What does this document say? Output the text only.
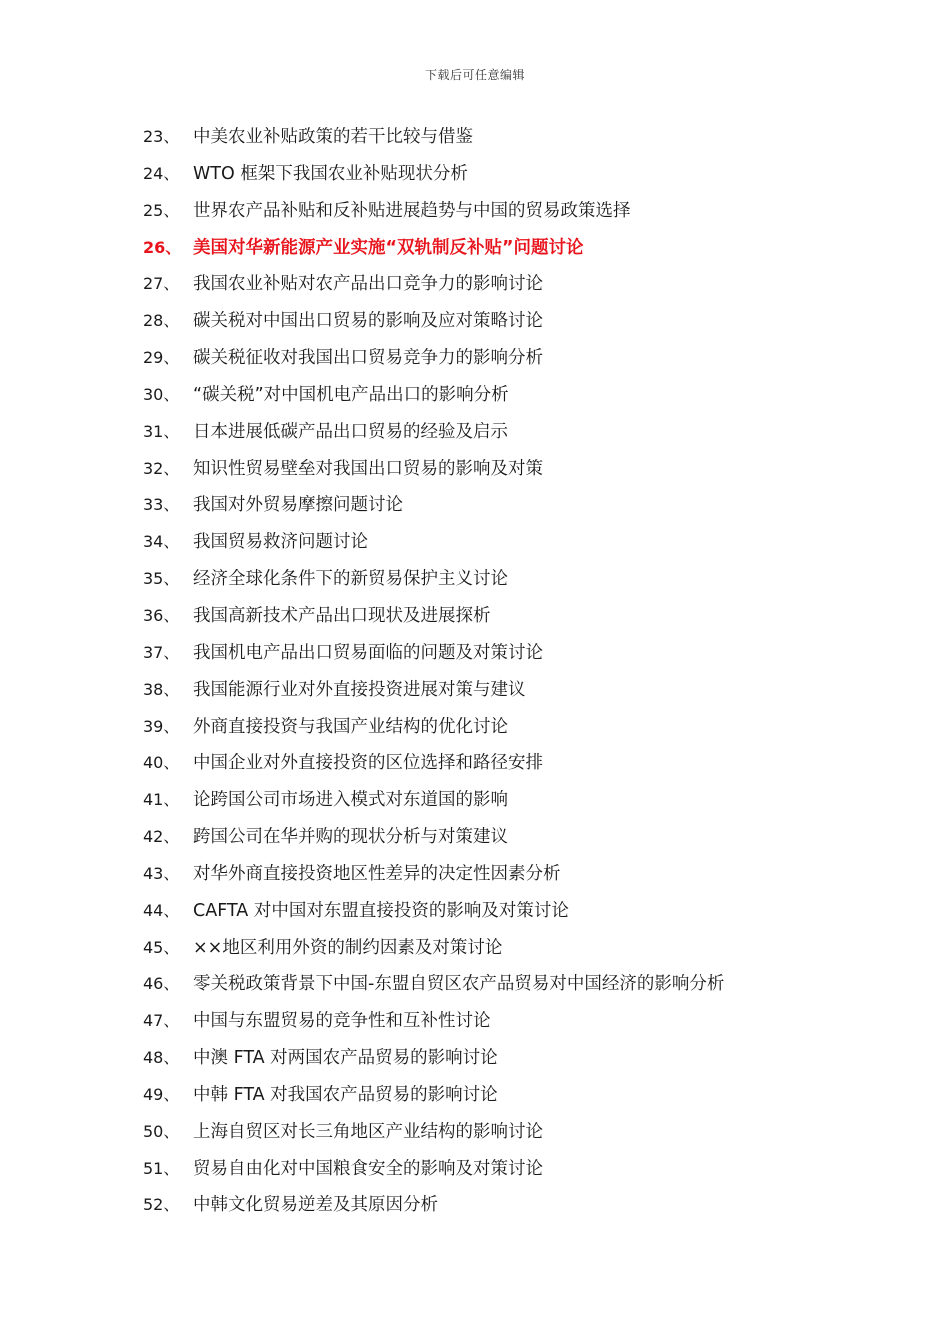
下载后可任意编辑
23、 中美农业补贴政策的若干比较与借鉴
24、 WTO 框架下我国农业补贴现状分析
25、 世界农产品补贴和反补贴进展趋势与中国的贸易政策选择
26、 美国对华新能源产业实施“双轨制反补贴”问题讨论
27、 我国农业补贴对农产品出口竞争力的影响讨论
28、 碳关税对中国出口贸易的影响及应对策略讨论
29、 碳关税征收对我国出口贸易竞争力的影响分析
30、 “碳关税”对中国机电产品出口的影响分析
31、 日本进展低碳产品出口贸易的经验及启示
32、 知识性贸易壁垒对我国出口贸易的影响及对策
33、 我国对外贸易摩擦问题讨论
34、 我国贸易救济问题讨论
35、 经济全球化条件下的新贸易保护主义讨论
36、 我国高新技术产品出口现状及进展探析
37、 我国机电产品出口贸易面临的问题及对策讨论
38、 我国能源行业对外直接投资进展对策与建议
39、 外商直接投资与我国产业结构的优化讨论
40、 中国企业对外直接投资的区位选择和路径安排
41、 论跨国公司市场进入模式对东道国的影响
42、 跨国公司在华并购的现状分析与对策建议
43、 对华外商直接投资地区性差异的决定性因素分析
44、 CAFTA 对中国对东盟直接投资的影响及对策讨论
45、 ××地区利用外资的制约因素及对策讨论
46、 零关税政策背景下中国-东盟自贸区农产品贸易对中国经济的影响分析
47、 中国与东盟贸易的竞争性和互补性讨论
48、 中澳 FTA 对两国农产品贸易的影响讨论
49、 中韩 FTA 对我国农产品贸易的影响讨论
50、 上海自贸区对长三角地区产业结构的影响讨论
51、 贸易自由化对中国粮食安全的影响及对策讨论
52、 中韩文化贸易逆差及其原因分析
